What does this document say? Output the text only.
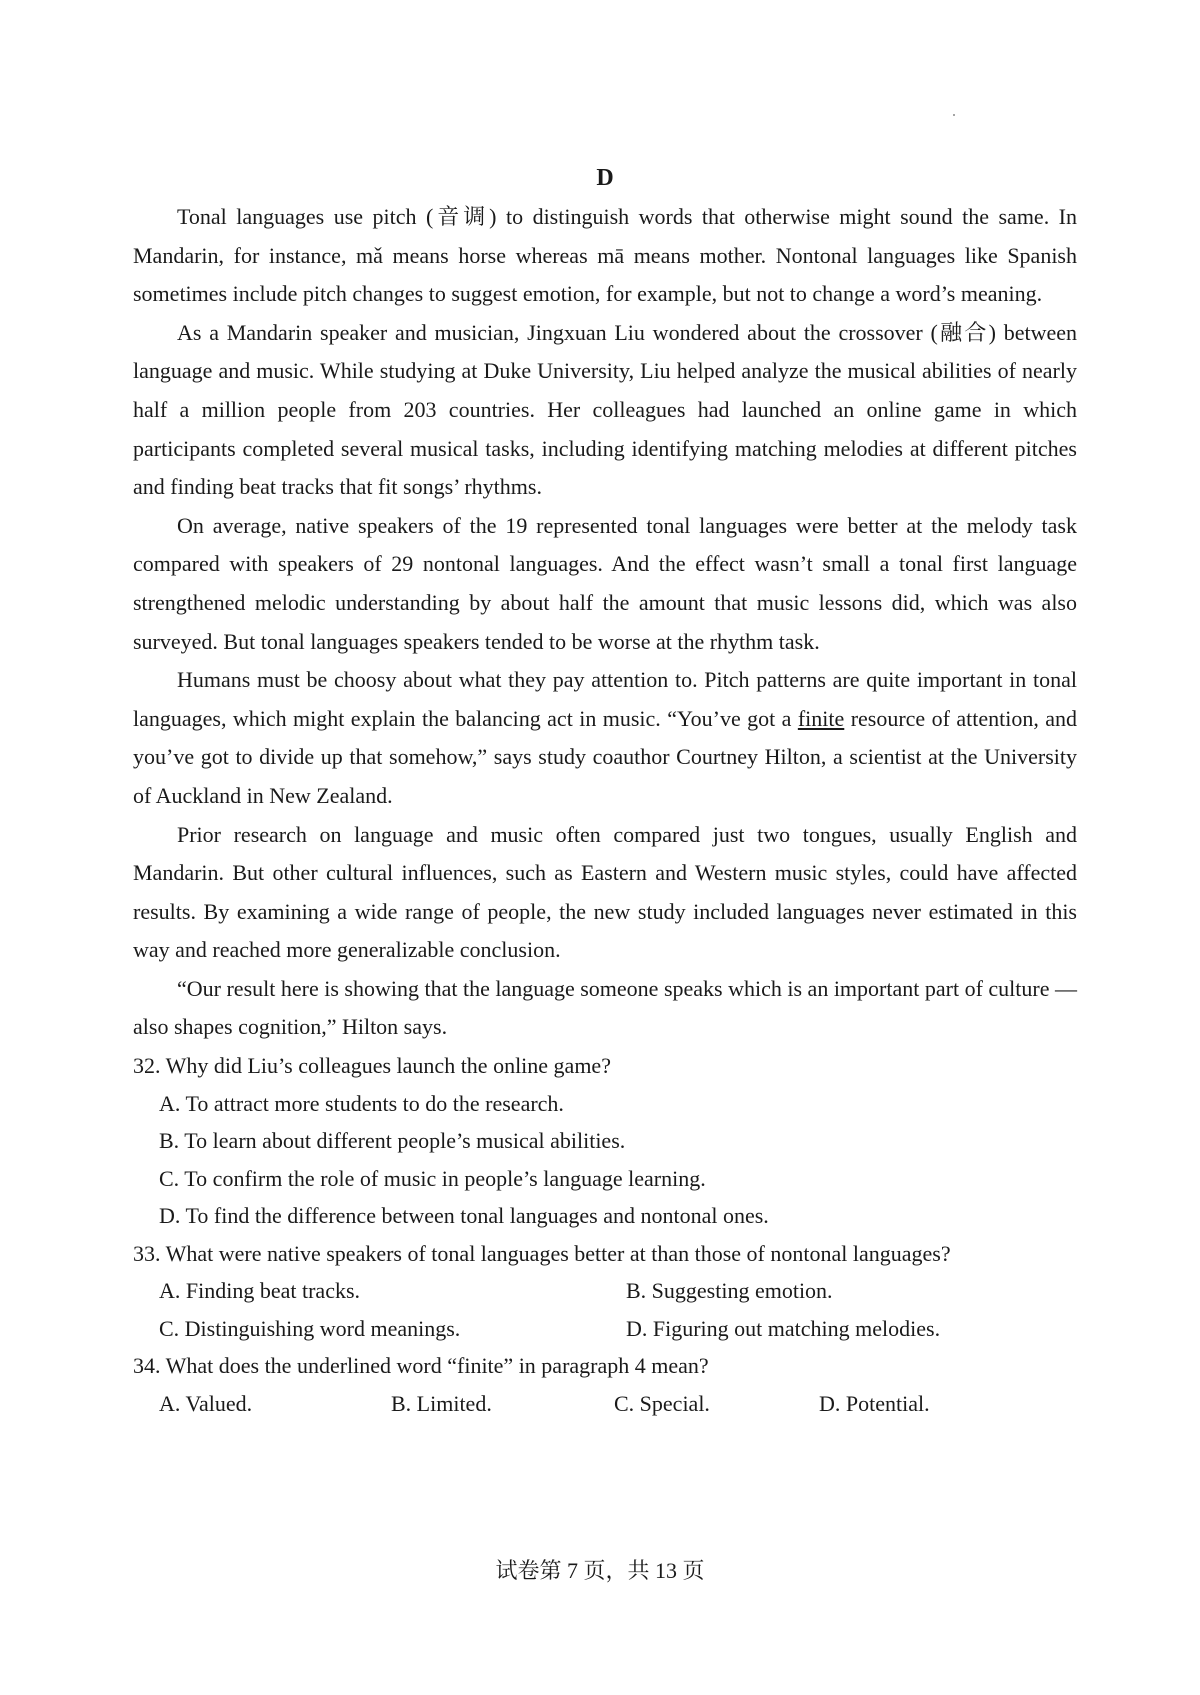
D

Tonal languages use pitch (音调) to distinguish words that otherwise might sound the same. In Mandarin, for instance, mǎ means horse whereas mā means mother. Nontonal languages like Spanish sometimes include pitch changes to suggest emotion, for example, but not to change a word’s meaning.

As a Mandarin speaker and musician, Jingxuan Liu wondered about the crossover (融合) between language and music. While studying at Duke University, Liu helped analyze the musical abilities of nearly half a million people from 203 countries. Her colleagues had launched an online game in which participants completed several musical tasks, including identifying matching melodies at different pitches and finding beat tracks that fit songs’ rhythms.

On average, native speakers of the 19 represented tonal languages were better at the melody task compared with speakers of 29 nontonal languages. And the effect wasn’t small a tonal first language strengthened melodic understanding by about half the amount that music lessons did, which was also surveyed. But tonal languages speakers tended to be worse at the rhythm task.

Humans must be choosy about what they pay attention to. Pitch patterns are quite important in tonal languages, which might explain the balancing act in music. “You’ve got a finite resource of attention, and you’ve got to divide up that somehow,” says study coauthor Courtney Hilton, a scientist at the University of Auckland in New Zealand.

Prior research on language and music often compared just two tongues, usually English and Mandarin. But other cultural influences, such as Eastern and Western music styles, could have affected results. By examining a wide range of people, the new study included languages never estimated in this way and reached more generalizable conclusion.

“Our result here is showing that the language someone speaks which is an important part of culture — also shapes cognition,” Hilton says.

32. Why did Liu’s colleagues launch the online game?

A. To attract more students to do the research.
B. To learn about different people’s musical abilities.
C. To confirm the role of music in people’s language learning.
D. To find the difference between tonal languages and nontonal ones.

33. What were native speakers of tonal languages better at than those of nontonal languages?

A. Finding beat tracks.	B. Suggesting emotion.
C. Distinguishing word meanings.	D. Figuring out matching melodies.

34. What does the underlined word “finite” in paragraph 4 mean?

A. Valued.	B. Limited.	C. Special.	D. Potential.
试卷第 7 页，共 13 页
